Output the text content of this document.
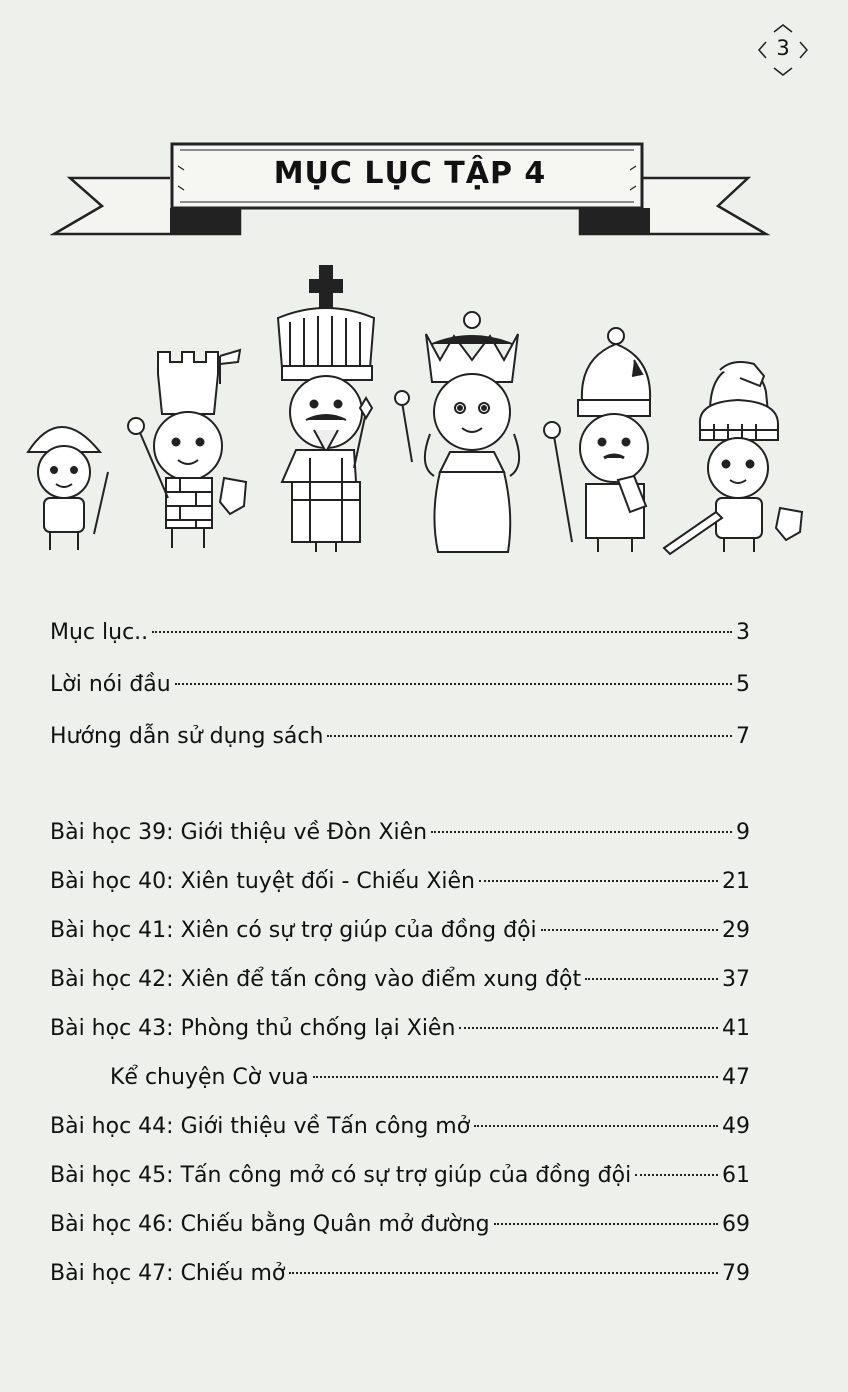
3
MỤC LỤC TẬP 4
Mục lục..	3
Lời nói đầu	5
Hướng dẫn sử dụng sách	7
Bài học 39: Giới thiệu về Đòn Xiên	9
Bài học 40: Xiên tuyệt đối - Chiếu Xiên	21
Bài học 41: Xiên có sự trợ giúp của đồng đội	29
Bài học 42: Xiên để tấn công vào điểm xung đột	37
Bài học 43: Phòng thủ chống lại Xiên	41
Kể chuyện Cờ vua	47
Bài học 44: Giới thiệu về Tấn công mở	49
Bài học 45: Tấn công mở có sự trợ giúp của đồng đội	61
Bài học 46: Chiếu bằng Quân mở đường	69
Bài học 47: Chiếu mở	79
